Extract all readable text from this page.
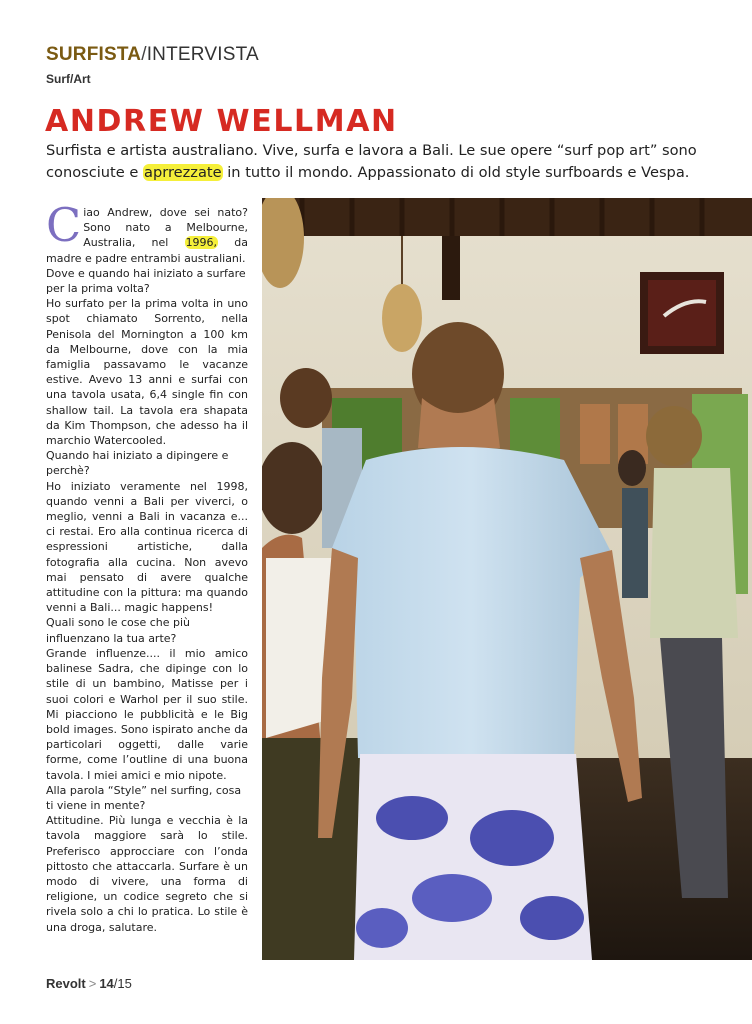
SURFISTA/INTERVISTA
Surf/Art
ANDREW WELLMAN

Surfista e artista australiano. Vive, surfa e lavora a Bali. Le sue opere “surf pop art” sono conosciute e aprrezzate in tutto il mondo. Appassionato di old style surfboards e Vespa.

Ciao Andrew, dove sei nato? Sono nato a Melbourne, Australia, nel 1996, da madre e padre entrambi australiani.

Dove e quando hai iniziato a surfare per la prima volta?

Ho surfato per la prima volta in uno spot chiamato Sorrento, nella Penisola del Mornington a 100 km da Melbourne, dove con la mia famiglia passavamo le vacanze estive. Avevo 13 anni e surfai con una tavola usata, 6,4 single fin con shallow tail. La tavola era shapata da Kim Thompson, che adesso ha il marchio Watercooled.

Quando hai iniziato a dipingere e perchè?

Ho iniziato veramente nel 1998, quando venni a Bali per viverci, o meglio, venni a Bali in vacanza e... ci restai. Ero alla continua ricerca di espressioni artistiche, dalla fotografia alla cucina. Non avevo mai pensato di avere qualche attitudine con la pittura: ma quando venni a Bali... magic happens!

Quali sono le cose che più influenzano la tua arte?

Grande influenze.... il mio amico balinese Sadra, che dipinge con lo stile di un bambino, Matisse per i suoi colori e Warhol per il suo stile. Mi piacciono le pubblicità e le Big bold images. Sono ispirato anche da particolari oggetti, dalle varie forme, come l’outline di una buona tavola. I miei amici e mio nipote.

Alla parola “Style” nel surfing, cosa ti viene in mente?

Attitudine. Più lunga e vecchia è la tavola maggiore sarà lo stile. Preferisco approcciare con l’onda pittosto che attaccarla. Surfare è un modo di vivere, una forma di religione, un codice segreto che si rivela solo a chi lo pratica. Lo stile è una droga, salutare.

Revolt > 14/15
